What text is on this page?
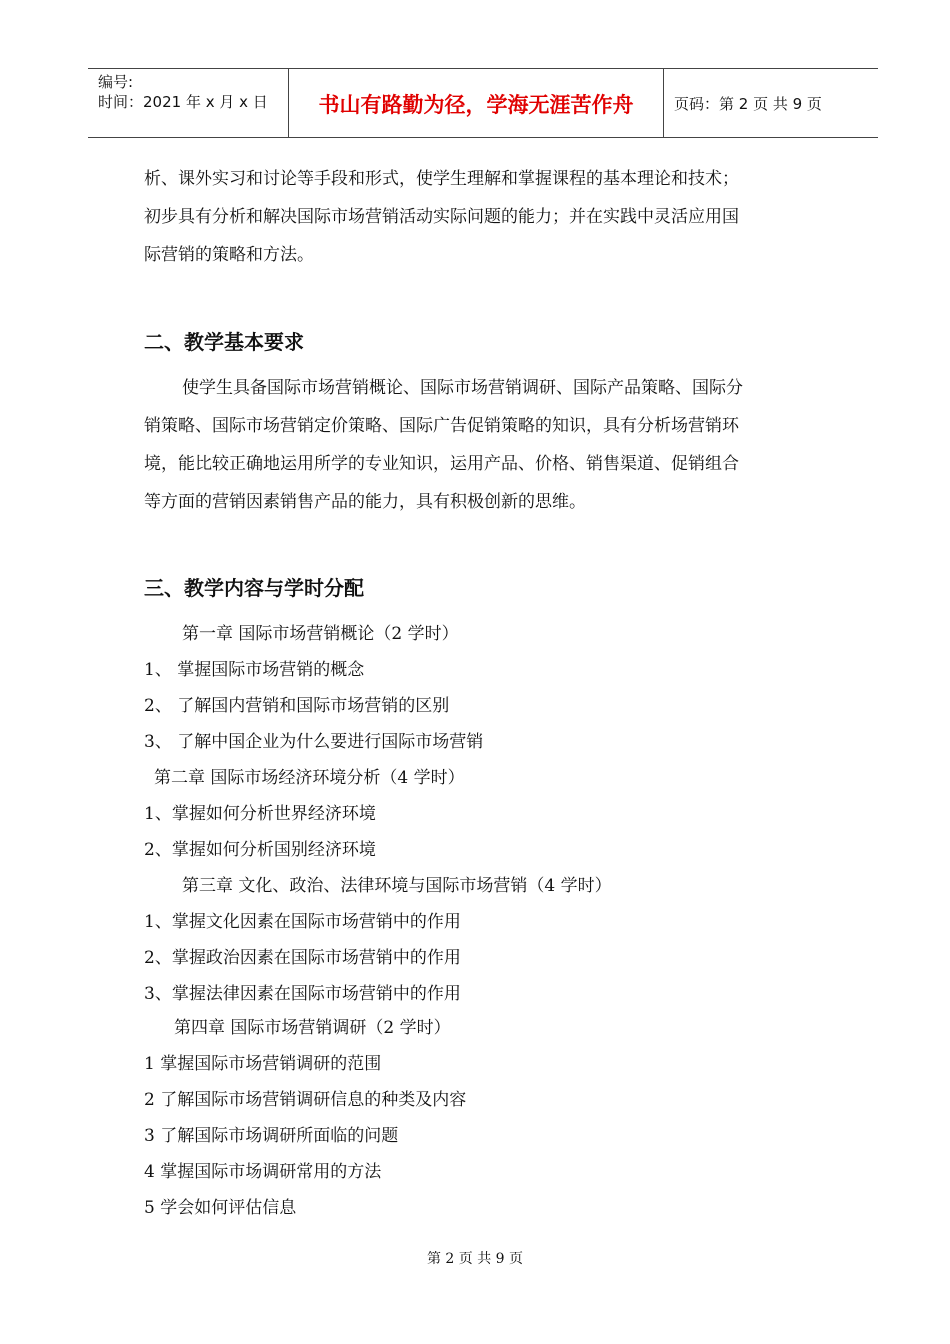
编号:
时间：2021 年 x 月 x 日	书山有路勤为径，学海无涯苦作舟	页码：第 2 页 共 9 页
析、课外实习和讨论等手段和形式，使学生理解和掌握课程的基本理论和技术；
初步具有分析和解决国际市场营销活动实际问题的能力；并在实践中灵活应用国
际营销的策略和方法。
二、教学基本要求
使学生具备国际市场营销概论、国际市场营销调研、国际产品策略、国际分
销策略、国际市场营销定价策略、国际广告促销策略的知识，具有分析场营销环
境，能比较正确地运用所学的专业知识，运用产品、价格、销售渠道、促销组合
等方面的营销因素销售产品的能力，具有积极创新的思维。
三、教学内容与学时分配
第一章 国际市场营销概论（2 学时）
1、 掌握国际市场营销的概念
2、 了解国内营销和国际市场营销的区别
3、 了解中国企业为什么要进行国际市场营销
第二章 国际市场经济环境分析（4 学时）
1、掌握如何分析世界经济环境
2、掌握如何分析国别经济环境
第三章 文化、政治、法律环境与国际市场营销（4 学时）
1、掌握文化因素在国际市场营销中的作用
2、掌握政治因素在国际市场营销中的作用
3、掌握法律因素在国际市场营销中的作用
第四章 国际市场营销调研（2 学时）
1 掌握国际市场营销调研的范围
2 了解国际市场营销调研信息的种类及内容
3 了解国际市场调研所面临的问题
4 掌握国际市场调研常用的方法
5 学会如何评估信息
第 2 页 共 9 页
